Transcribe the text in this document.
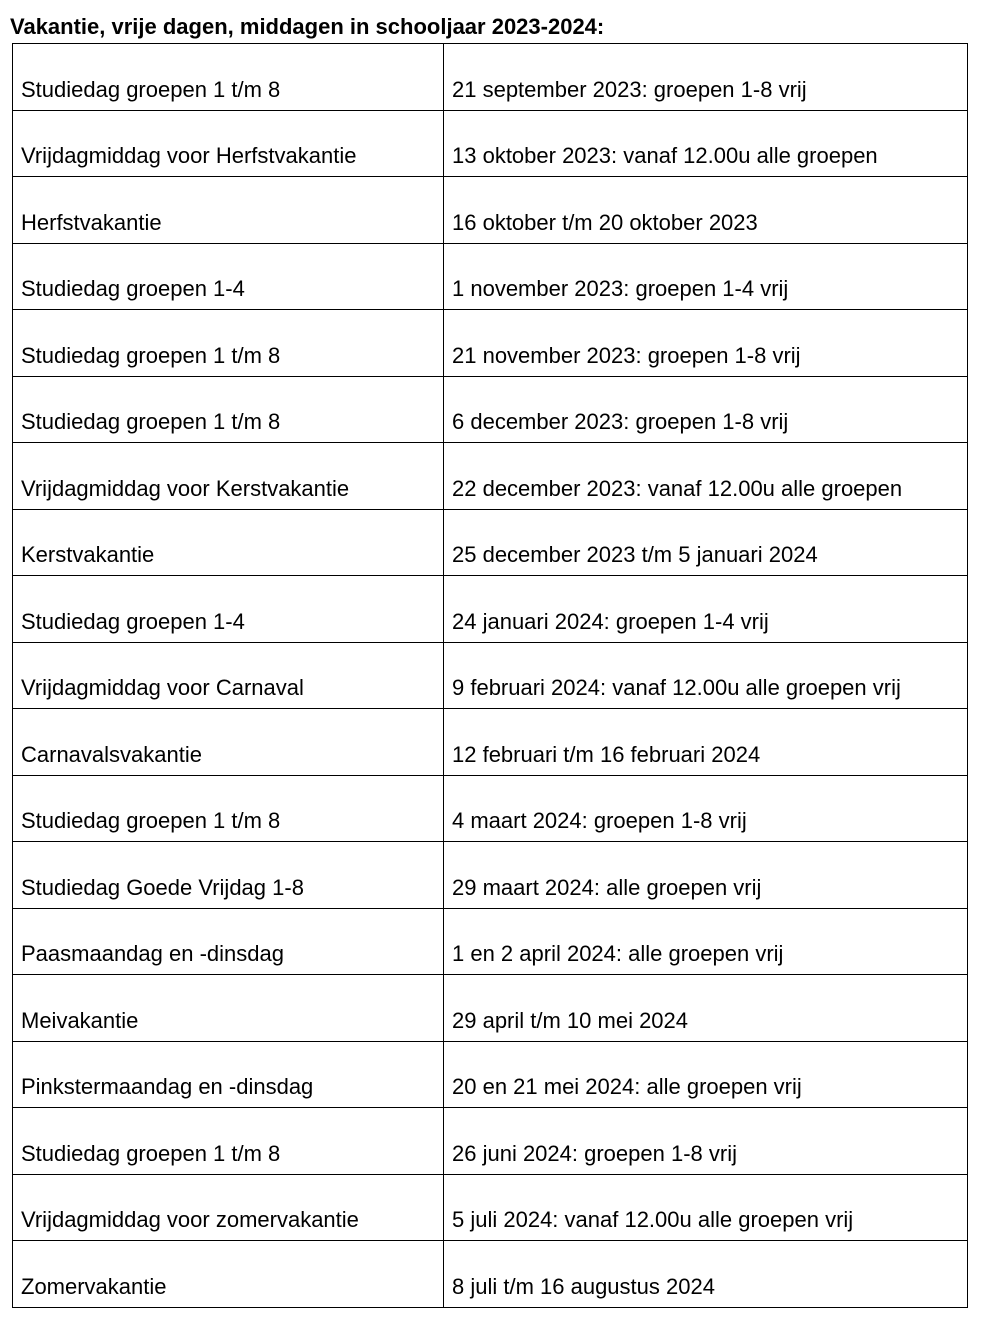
Vakantie, vrije dagen, middagen in schooljaar 2023-2024:
Studiedag groepen 1 t/m 8	21 september 2023: groepen 1-8 vrij
Vrijdagmiddag voor Herfstvakantie	13 oktober 2023: vanaf 12.00u alle groepen
Herfstvakantie	16 oktober t/m 20 oktober 2023
Studiedag groepen 1-4	1 november 2023: groepen 1-4 vrij
Studiedag groepen 1 t/m 8	21 november 2023: groepen 1-8 vrij
Studiedag groepen 1 t/m 8	6 december 2023: groepen 1-8 vrij
Vrijdagmiddag voor Kerstvakantie	22 december 2023: vanaf 12.00u alle groepen
Kerstvakantie	25 december 2023 t/m 5 januari 2024
Studiedag groepen 1-4	24 januari 2024: groepen 1-4 vrij
Vrijdagmiddag voor Carnaval	9 februari 2024: vanaf 12.00u alle groepen vrij
Carnavalsvakantie	12 februari t/m 16 februari 2024
Studiedag groepen 1 t/m 8	4 maart 2024: groepen 1-8 vrij
Studiedag Goede Vrijdag 1-8	29 maart 2024: alle groepen vrij
Paasmaandag en -dinsdag	1 en 2 april 2024: alle groepen vrij
Meivakantie	29 april t/m 10 mei 2024
Pinkstermaandag en -dinsdag	20 en 21 mei 2024: alle groepen vrij
Studiedag groepen 1 t/m 8	26 juni 2024: groepen 1-8 vrij
Vrijdagmiddag voor zomervakantie	5 juli 2024: vanaf 12.00u alle groepen vrij
Zomervakantie	8 juli t/m 16 augustus 2024
